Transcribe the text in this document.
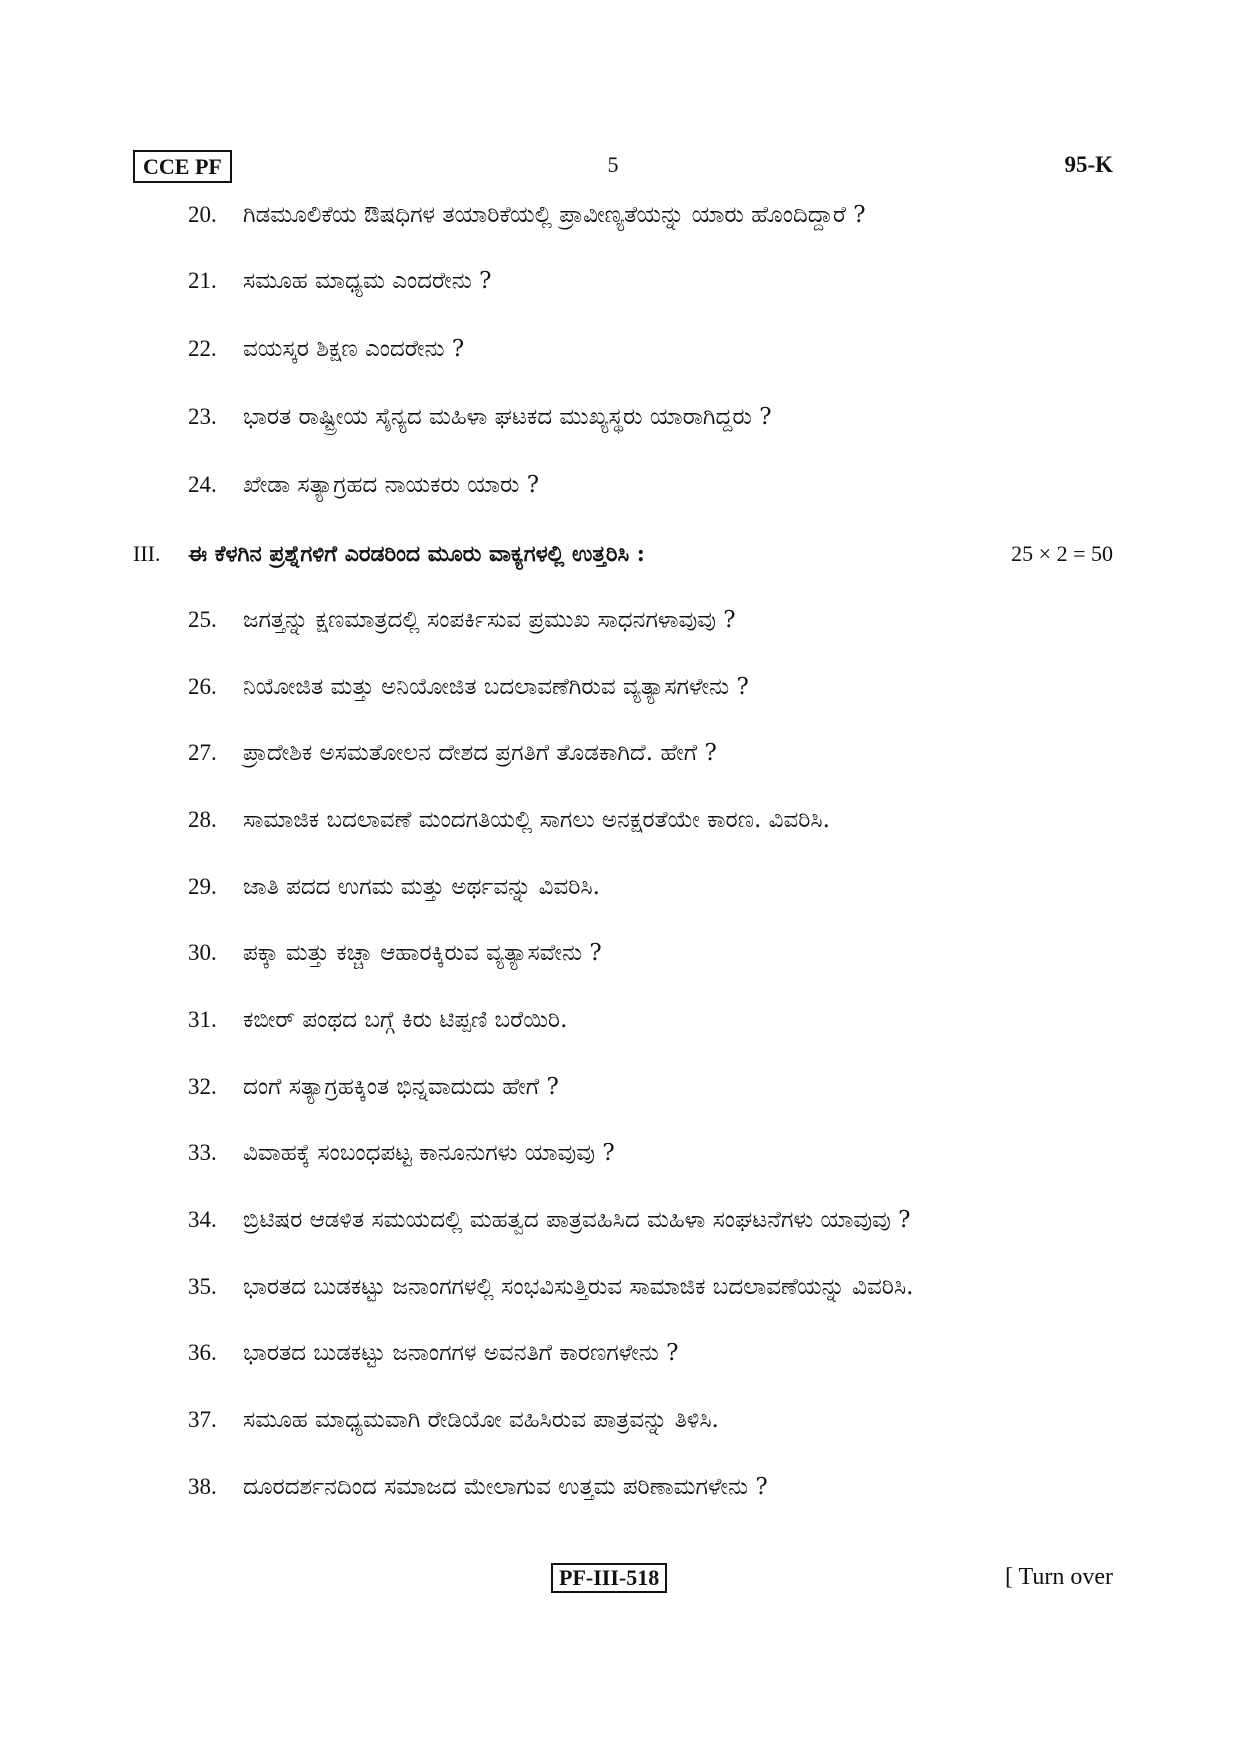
CCE PF	5	95-K
20. ಗಿಡಮೂಲಿಕೆಯ ಔಷಧಿಗಳ ತಯಾರಿಕೆಯಲ್ಲಿ ಪ್ರಾವೀಣ್ಯತೆಯನ್ನು ಯಾರು ಹೊಂದಿದ್ದಾರೆ ?
21. ಸಮೂಹ ಮಾಧ್ಯಮ ಎಂದರೇನು ?
22. ವಯಸ್ಕರ ಶಿಕ್ಷಣ ಎಂದರೇನು ?
23. ಭಾರತ ರಾಷ್ಟ್ರೀಯ ಸೈನ್ಯದ ಮಹಿಳಾ ಘಟಕದ ಮುಖ್ಯಸ್ಥರು ಯಾರಾಗಿದ್ದರು ?
24. ಖೇಡಾ ಸತ್ಯಾಗ್ರಹದ ನಾಯಕರು ಯಾರು ?
III. ಈ ಕೆಳಗಿನ ಪ್ರಶ್ನೆಗಳಿಗೆ ಎರಡರಿಂದ ಮೂರು ವಾಕ್ಯಗಳಲ್ಲಿ ಉತ್ತರಿಸಿ :	25 × 2 = 50
25. ಜಗತ್ತನ್ನು ಕ್ಷಣಮಾತ್ರದಲ್ಲಿ ಸಂಪರ್ಕಿಸುವ ಪ್ರಮುಖ ಸಾಧನಗಳಾವುವು ?
26. ನಿಯೋಜಿತ ಮತ್ತು ಅನಿಯೋಜಿತ ಬದಲಾವಣೆಗಿರುವ ವ್ಯತ್ಯಾಸಗಳೇನು ?
27. ಪ್ರಾದೇಶಿಕ ಅಸಮತೋಲನ ದೇಶದ ಪ್ರಗತಿಗೆ ತೊಡಕಾಗಿದೆ. ಹೇಗೆ ?
28. ಸಾಮಾಜಿಕ ಬದಲಾವಣೆ ಮಂದಗತಿಯಲ್ಲಿ ಸಾಗಲು ಅನಕ್ಷರತೆಯೇ ಕಾರಣ. ವಿವರಿಸಿ.
29. ಜಾತಿ ಪದದ ಉಗಮ ಮತ್ತು ಅರ್ಥವನ್ನು ವಿವರಿಸಿ.
30. ಪಕ್ಕಾ ಮತ್ತು ಕಚ್ಚಾ ಆಹಾರಕ್ಕಿರುವ ವ್ಯತ್ಯಾಸವೇನು ?
31. ಕಬೀರ್ ಪಂಥದ ಬಗ್ಗೆ ಕಿರು ಟಿಪ್ಪಣಿ ಬರೆಯಿರಿ.
32. ದಂಗೆ ಸತ್ಯಾಗ್ರಹಕ್ಕಿಂತ ಭಿನ್ನವಾದುದು ಹೇಗೆ ?
33. ವಿವಾಹಕ್ಕೆ ಸಂಬಂಧಪಟ್ಟ ಕಾನೂನುಗಳು ಯಾವುವು ?
34. ಬ್ರಿಟಿಷರ ಆಡಳಿತ ಸಮಯದಲ್ಲಿ ಮಹತ್ವದ ಪಾತ್ರವಹಿಸಿದ ಮಹಿಳಾ ಸಂಘಟನೆಗಳು ಯಾವುವು ?
35. ಭಾರತದ ಬುಡಕಟ್ಟು ಜನಾಂಗಗಳಲ್ಲಿ ಸಂಭವಿಸುತ್ತಿರುವ ಸಾಮಾಜಿಕ ಬದಲಾವಣೆಯನ್ನು ವಿವರಿಸಿ.
36. ಭಾರತದ ಬುಡಕಟ್ಟು ಜನಾಂಗಗಳ ಅವನತಿಗೆ ಕಾರಣಗಳೇನು ?
37. ಸಮೂಹ ಮಾಧ್ಯಮವಾಗಿ ರೇಡಿಯೋ ವಹಿಸಿರುವ ಪಾತ್ರವನ್ನು ತಿಳಿಸಿ.
38. ದೂರದರ್ಶನದಿಂದ ಸಮಾಜದ ಮೇಲಾಗುವ ಉತ್ತಮ ಪರಿಣಾಮಗಳೇನು ?
PF-III-518	[ Turn over
